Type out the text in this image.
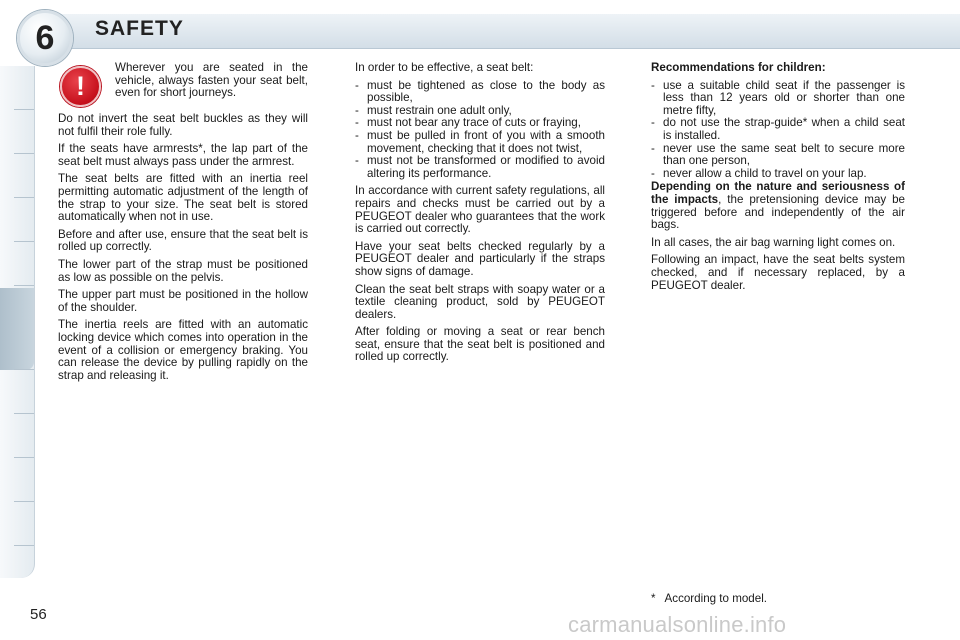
6	SAFETY
!

Wherever you are seated in the vehicle, always fasten your seat belt, even for short journeys.

Do not invert the seat belt buckles as they will not fulfil their role fully.

If the seats have armrests*, the lap part of the seat belt must always pass under the armrest.

The seat belts are fitted with an inertia reel permitting automatic adjustment of the length of the strap to your size. The seat belt is stored automatically when not in use.

Before and after use, ensure that the seat belt is rolled up correctly.

The lower part of the strap must be positioned as low as possible on the pelvis.

The upper part must be positioned in the hollow of the shoulder.

The inertia reels are fitted with an automatic locking device which comes into operation in the event of a collision or emergency braking. You can release the device by pulling rapidly on the strap and releasing it.

In order to be effective, a seat belt:

- must be tightened as close to the body as possible,
- must restrain one adult only,
- must not bear any trace of cuts or fraying,
- must be pulled in front of you with a smooth movement, checking that it does not twist,
- must not be transformed or modified to avoid altering its performance.

In accordance with current safety regulations, all repairs and checks must be carried out by a PEUGEOT dealer who guarantees that the work is carried out correctly.

Have your seat belts checked regularly by a PEUGEOT dealer and particularly if the straps show signs of damage.

Clean the seat belt straps with soapy water or a textile cleaning product, sold by PEUGEOT dealers.

After folding or moving a seat or rear bench seat, ensure that the seat belt is positioned and rolled up correctly.

Recommendations for children:

- use a suitable child seat if the passenger is less than 12 years old or shorter than one metre fifty,
- do not use the strap-guide* when a child seat is installed.
- never use the same seat belt to secure more than one person,
- never allow a child to travel on your lap.

Depending on the nature and seriousness of the impacts, the pretensioning device may be triggered before and independently of the air bags.

In all cases, the air bag warning light comes on.

Following an impact, have the seat belts system checked, and if necessary replaced, by a PEUGEOT dealer.

*   According to model.
56	carmanualsonline.info
